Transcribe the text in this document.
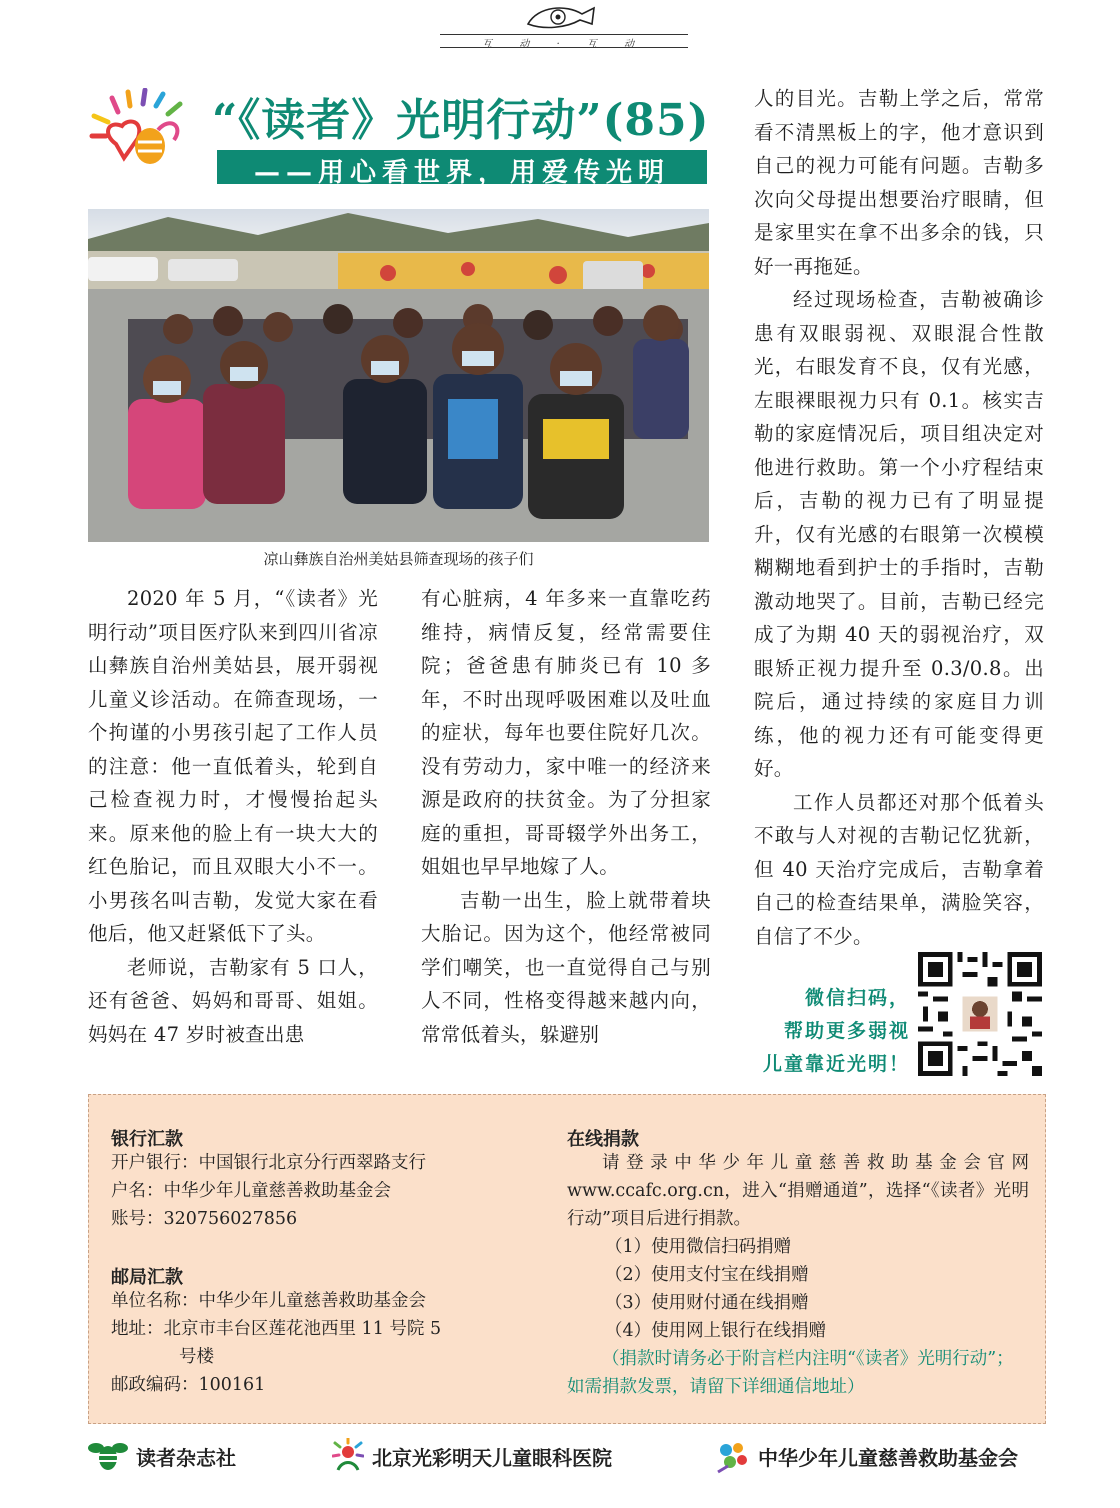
互 动 · 互 动
“《读者》光明行动”(85)
——用心看世界，用爱传光明
凉山彝族自治州美姑县筛查现场的孩子们

2020 年 5 月，“《读者》光明行动”项目医疗队来到四川省凉山彝族自治州美姑县，展开弱视儿童义诊活动。在筛查现场，一个拘谨的小男孩引起了工作人员的注意：他一直低着头，轮到自己检查视力时，才慢慢抬起头来。原来他的脸上有一块大大的红色胎记，而且双眼大小不一。小男孩名叫吉勒，发觉大家在看他后，他又赶紧低下了头。

老师说，吉勒家有 5 口人，还有爸爸、妈妈和哥哥、姐姐。妈妈在 47 岁时被查出患

有心脏病，4 年多来一直靠吃药维持，病情反复，经常需要住院；爸爸患有肺炎已有 10 多年，不时出现呼吸困难以及吐血的症状，每年也要住院好几次。没有劳动力，家中唯一的经济来源是政府的扶贫金。为了分担家庭的重担，哥哥辍学外出务工，姐姐也早早地嫁了人。

吉勒一出生，脸上就带着块大胎记。因为这个，他经常被同学们嘲笑，也一直觉得自己与别人不同，性格变得越来越内向，常常低着头，躲避别

人的目光。吉勒上学之后，常常看不清黑板上的字，他才意识到自己的视力可能有问题。吉勒多次向父母提出想要治疗眼睛，但是家里实在拿不出多余的钱，只好一再拖延。

经过现场检查，吉勒被确诊患有双眼弱视、双眼混合性散光，右眼发育不良，仅有光感，左眼裸眼视力只有 0.1。核实吉勒的家庭情况后，项目组决定对他进行救助。第一个小疗程结束后，吉勒的视力已有了明显提升，仅有光感的右眼第一次模模糊糊地看到护士的手指时，吉勒激动地哭了。目前，吉勒已经完成了为期 40 天的弱视治疗，双眼矫正视力提升至 0.3/0.8。出院后，通过持续的家庭目力训练，他的视力还有可能变得更好。

工作人员都还对那个低着头不敢与人对视的吉勒记忆犹新，但 40 天治疗完成后，吉勒拿着自己的检查结果单，满脸笑容，自信了不少。

微信扫码，
帮助更多弱视
儿童靠近光明！
银行汇款
开户银行：中国银行北京分行西翠路支行
户名：中华少年儿童慈善救助基金会
账号：320756027856
邮局汇款
单位名称：中华少年儿童慈善救助基金会
地址：北京市丰台区莲花池西里 11 号院 5
号楼
邮政编码：100161
在线捐款
请登录中华少年儿童慈善救助基金会官网 www.ccafc.org.cn，进入“捐赠通道”，选择“《读者》光明行动”项目后进行捐款。
（1）使用微信扫码捐赠
（2）使用支付宝在线捐赠
（3）使用财付通在线捐赠
（4）使用网上银行在线捐赠
（捐款时请务必于附言栏内注明“《读者》光明行动”；如需捐款发票，请留下详细通信地址）
读者杂志社	北京光彩明天儿童眼科医院	中华少年儿童慈善救助基金会
